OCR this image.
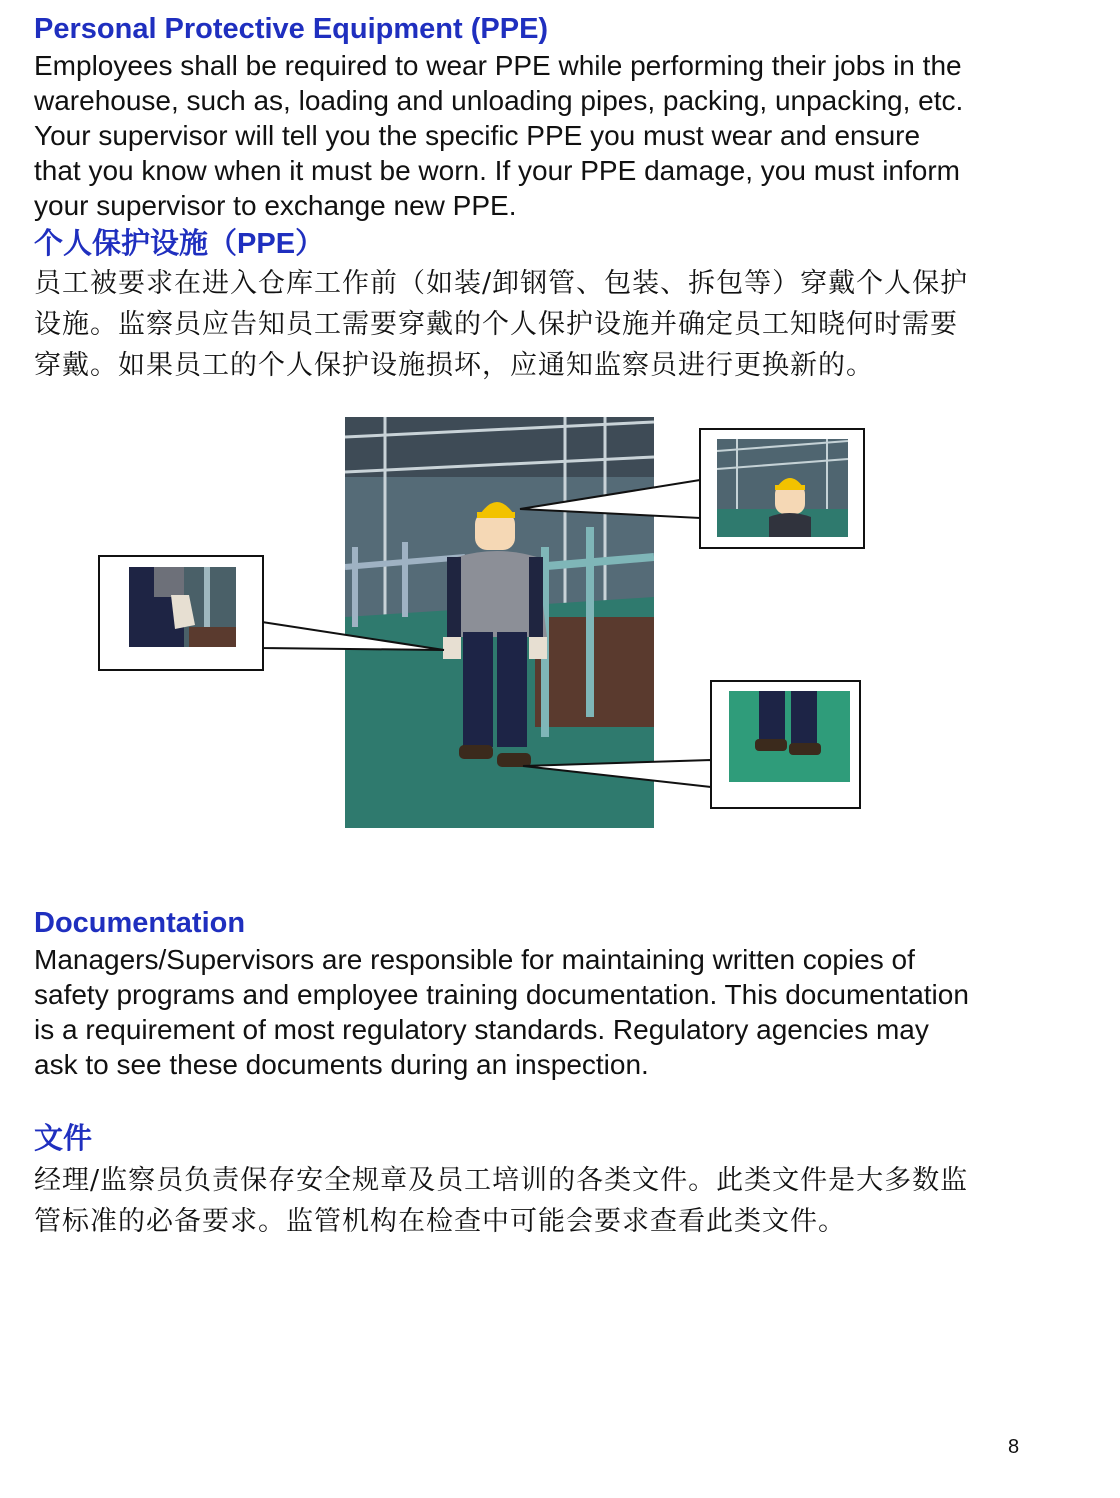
Personal Protective Equipment (PPE)

Employees shall be required to wear PPE while performing their jobs in the
warehouse, such as, loading and unloading pipes, packing, unpacking, etc.
Your supervisor will tell you the specific PPE you must wear and ensure
that you know when it must be worn. If your PPE damage, you must inform
your supervisor to exchange new PPE.

个人保护设施（PPE）

员工被要求在进入仓库工作前（如装/卸钢管、包装、拆包等）穿戴个人保护
设施。监察员应告知员工需要穿戴的个人保护设施并确定员工知晓何时需要
穿戴。如果员工的个人保护设施损坏，应通知监察员进行更换新的。

Documentation

Managers/Supervisors are responsible for maintaining written copies of
safety programs and employee training documentation. This documentation
is a requirement of most regulatory standards. Regulatory agencies may
ask to see these documents during an inspection.

文件

经理/监察员负责保存安全规章及员工培训的各类文件。此类文件是大多数监
管标准的必备要求。监管机构在检查中可能会要求查看此类文件。

8
